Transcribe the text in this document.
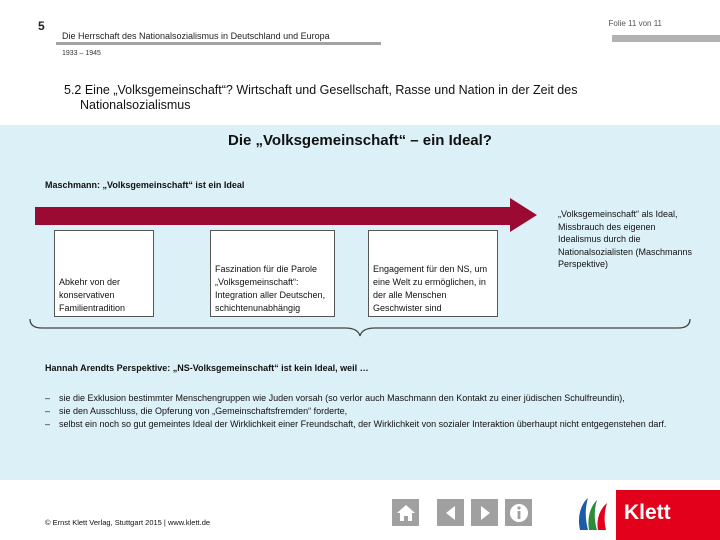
5	Folie 11 von 11
Die Herrschaft des Nationalsozialismus in Deutschland und Europa
1933 – 1945
5.2 Eine „Volksgemeinschaft“? Wirtschaft und Gesellschaft, Rasse und Nation in der Zeit des
Nationalsozialismus
Die „Volksgemeinschaft“ – ein Ideal?
Maschmann: „Volksgemeinschaft“ ist ein Ideal
Abkehr von der konservativen Familientradition
Faszination für die Parole „Volksgemeinschaft“: Integration aller Deutschen, schichtenunabhängig
Engagement für den NS, um eine Welt zu ermöglichen, in der alle Menschen Geschwister sind
„Volksgemeinschaft“ als Ideal, Missbrauch des eigenen Idealismus durch die Nationalsozialisten (Maschmanns Perspektive)
Hannah Arendts Perspektive: „NS-Volksgemeinschaft“ ist kein Ideal, weil …
– sie die Exklusion bestimmter Menschengruppen wie Juden vorsah (so verlor auch Maschmann den Kontakt zu einer jüdischen Schulfreundin),
– sie den Ausschluss, die Opferung von „Gemeinschaftsfremden“ forderte,
– selbst ein noch so gut gemeintes Ideal der Wirklichkeit einer Freundschaft, der Wirklichkeit von sozialer Interaktion überhaupt nicht entgegenstehen darf.
© Ernst Klett Verlag, Stuttgart 2015 | www.klett.de	Klett
